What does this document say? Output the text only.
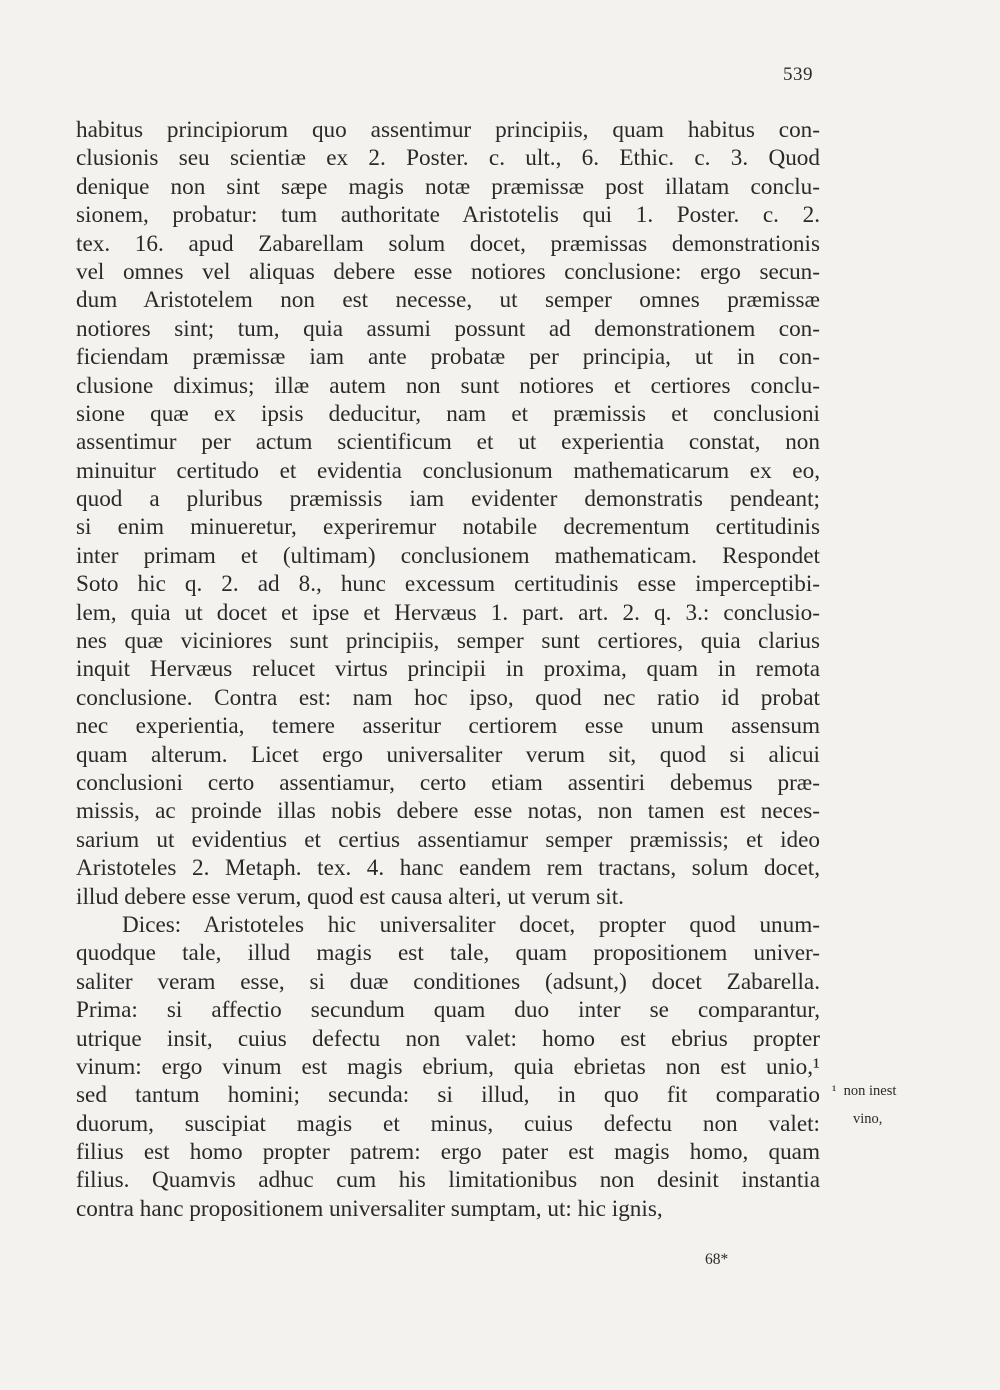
539
habitus principiorum quo assentimur principiis, quam habitus con-
clusionis seu scientiæ ex 2. Poster. c. ult., 6. Ethic. c. 3. Quod
denique non sint sæpe magis notæ præmissæ post illatam conclu-
sionem, probatur: tum authoritate Aristotelis qui 1. Poster. c. 2.
tex. 16. apud Zabarellam solum docet, præmissas demonstrationis
vel omnes vel aliquas debere esse notiores conclusione: ergo secun-
dum Aristotelem non est necesse, ut semper omnes præmissæ
notiores sint; tum, quia assumi possunt ad demonstrationem con-
ficiendam præmissæ iam ante probatæ per principia, ut in con-
clusione diximus; illæ autem non sunt notiores et certiores conclu-
sione quæ ex ipsis deducitur, nam et præmissis et conclusioni
assentimur per actum scientificum et ut experientia constat, non
minuitur certitudo et evidentia conclusionum mathematicarum ex eo,
quod a pluribus præmissis iam evidenter demonstratis pendeant;
si enim minueretur, experiremur notabile decrementum certitudinis
inter primam et (ultimam) conclusionem mathematicam. Respondet
Soto hic q. 2. ad 8., hunc excessum certitudinis esse imperceptibi-
lem, quia ut docet et ipse et Hervæus 1. part. art. 2. q. 3.: conclusio-
nes quæ viciniores sunt principiis, semper sunt certiores, quia clarius
inquit Hervæus relucet virtus principii in proxima, quam in remota
conclusione. Contra est: nam hoc ipso, quod nec ratio id probat
nec experientia, temere asseritur certiorem esse unum assensum
quam alterum. Licet ergo universaliter verum sit, quod si alicui
conclusioni certo assentiamur, certo etiam assentiri debemus præ-
missis, ac proinde illas nobis debere esse notas, non tamen est neces-
sarium ut evidentius et certius assentiamur semper præmissis; et ideo
Aristoteles 2. Metaph. tex. 4. hanc eandem rem tractans, solum docet,
illud debere esse verum, quod est causa alteri, ut verum sit.
Dices: Aristoteles hic universaliter docet, propter quod unum-
quodque tale, illud magis est tale, quam propositionem univer-
saliter veram esse, si duæ conditiones (adsunt,) docet Zabarella.
Prima: si affectio secundum quam duo inter se comparantur,
utrique insit, cuius defectu non valet: homo est ebrius propter
vinum: ergo vinum est magis ebrium, quia ebrietas non est unio,¹
sed tantum homini; secunda: si illud, in quo fit comparatio
duorum, suscipiat magis et minus, cuius defectu non valet:
filius est homo propter patrem: ergo pater est magis homo, quam
filius. Quamvis adhuc cum his limitationibus non desinit instantia
contra hanc propositionem universaliter sumptam, ut: hic ignis,
¹ non inest
vino,
68*
